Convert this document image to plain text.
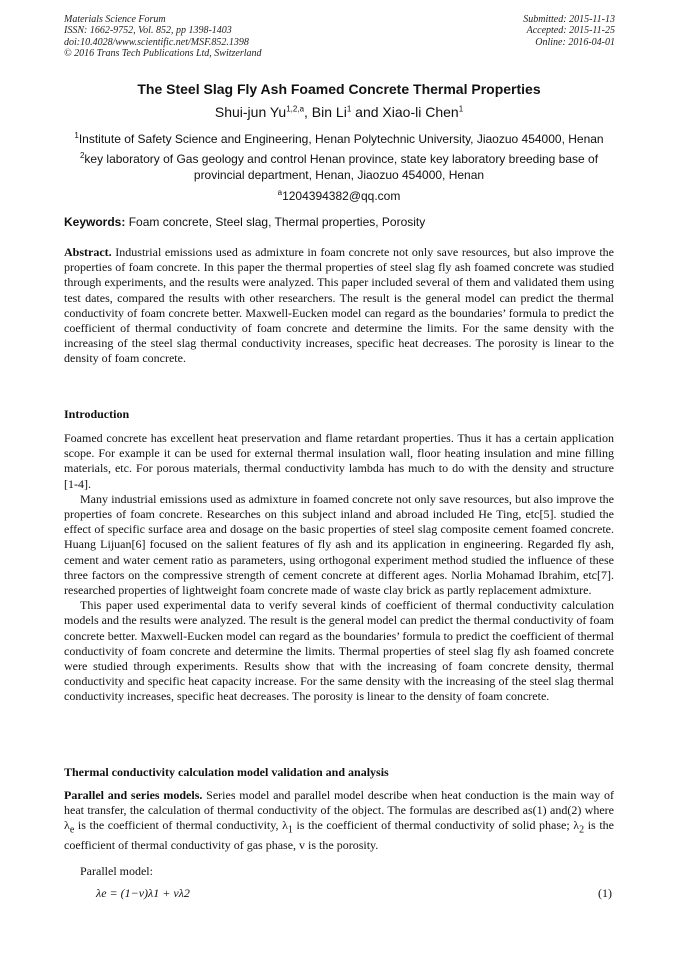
Materials Science Forum
ISSN: 1662-9752, Vol. 852, pp 1398-1403
doi:10.4028/www.scientific.net/MSF.852.1398
© 2016 Trans Tech Publications Ltd, Switzerland
Submitted: 2015-11-13
Accepted: 2015-11-25
Online: 2016-04-01
The Steel Slag Fly Ash Foamed Concrete Thermal Properties
Shui-jun Yu$^{1,2,a}$, Bin Li$^1$ and Xiao-li Chen$^1$
$^1$Institute of Safety Science and Engineering, Henan Polytechnic University, Jiaozuo 454000, Henan
$^2$key laboratory of Gas geology and control Henan province, state key laboratory breeding base of provincial department, Henan, Jiaozuo 454000, Henan
$^a$1204394382@qq.com
Keywords: Foam concrete, Steel slag, Thermal properties, Porosity
Abstract. Industrial emissions used as admixture in foam concrete not only save resources, but also improve the properties of foam concrete. In this paper the thermal properties of steel slag fly ash foamed concrete was studied through experiments, and the results were analyzed. This paper included several of them and validated them using test dates, compared the results with other researchers. The result is the general model can predict the thermal conductivity of foam concrete better. Maxwell-Eucken model can regard as the boundaries’ formula to predict the coefficient of thermal conductivity of foam concrete and determine the limits. For the same density with the increasing of the steel slag thermal conductivity increases, specific heat decreases. The porosity is linear to the density of foam concrete.
Introduction

Foamed concrete has excellent heat preservation and flame retardant properties. Thus it has a certain application scope. For example it can be used for external thermal insulation wall, floor heating insulation and mine filling materials, etc. For porous materials, thermal conductivity lambda has much to do with the density and structure [1-4].

Many industrial emissions used as admixture in foamed concrete not only save resources, but also improve the properties of foam concrete. Researches on this subject inland and abroad included He Ting, etc[5]. studied the effect of specific surface area and dosage on the basic properties of steel slag composite cement foamed concrete. Huang Lijuan[6] focused on the salient features of fly ash and its application in engineering. Regarded fly ash, cement and water cement ratio as parameters, using orthogonal experiment method studied the influence of these three factors on the compressive strength of cement concrete at different ages. Norlia Mohamad Ibrahim, etc[7]. researched properties of lightweight foam concrete made of waste clay brick as partly replacement admixture.

This paper used experimental data to verify several kinds of coefficient of thermal conductivity calculation models and the results were analyzed. The result is the general model can predict the thermal conductivity of foam concrete better. Maxwell-Eucken model can regard as the boundaries’ formula to predict the coefficient of thermal conductivity of foam concrete and determine the limits. Thermal properties of steel slag fly ash foamed concrete were studied through experiments. Results show that with the increasing of foam concrete density, thermal conductivity and specific heat capacity increase. For the same density with the increasing of the steel slag thermal conductivity increases, specific heat decreases. The porosity is linear to the density of foam concrete.

Thermal conductivity calculation model validation and analysis
Parallel and series models. Series model and parallel model describe when heat conduction is the main way of heat transfer, the calculation of thermal conductivity of the object. The formulas are described as(1) and(2) where $\lambda_e$ is the coefficient of thermal conductivity, $\lambda_1$ is the coefficient of thermal conductivity of solid phase; $\lambda_2$ is the coefficient of thermal conductivity of gas phase, v is the porosity.
Parallel model:
λe = (1−v)λ1 + vλ2	(1)
